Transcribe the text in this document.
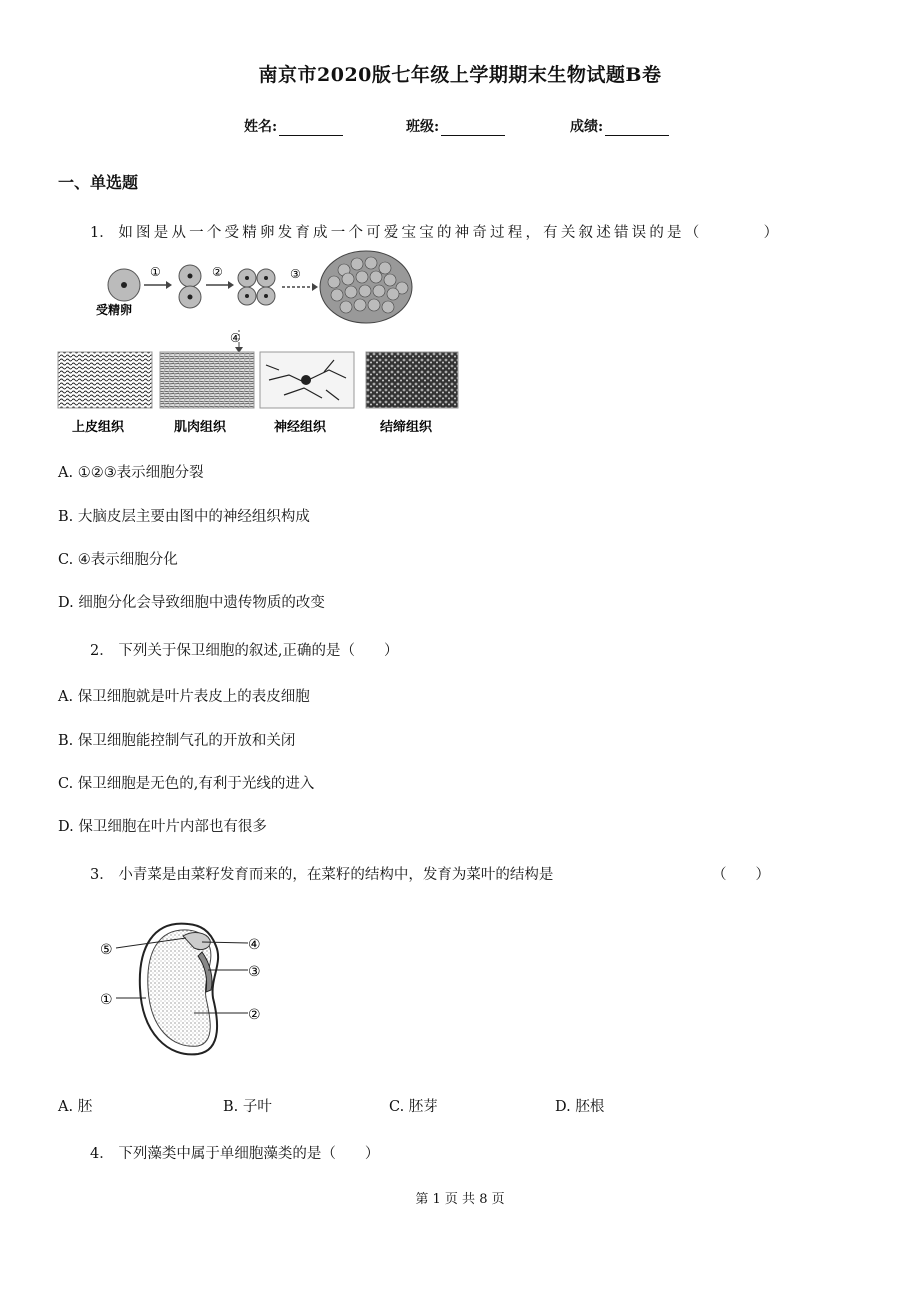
南京市2020版七年级上学期期末生物试题B卷
姓名:	班级:	成绩:
一、单选题
1． 如图是从一个受精卵发育成一个可爱宝宝的神奇过程，有关叙述错误的是（	）
受精卵
①	②	③
④
上皮组织	肌肉组织	神经组织	结缔组织
A. ①②③表示细胞分裂
B. 大脑皮层主要由图中的神经组织构成
C. ④表示细胞分化
D. 细胞分化会导致细胞中遗传物质的改变
2． 下列关于保卫细胞的叙述,正确的是（　　）
A. 保卫细胞就是叶片表皮上的表皮细胞
B. 保卫细胞能控制气孔的开放和关闭
C. 保卫细胞是无色的,有利于光线的进入
D. 保卫细胞在叶片内部也有很多
3． 小青菜是由菜籽发育而来的，在菜籽的结构中，发育为菜叶的结构是	（　　）
⑤
①
④
③
②
A. 胚	B. 子叶	C. 胚芽	D. 胚根
4． 下列藻类中属于单细胞藻类的是（　　）
第 1 页 共 8 页
